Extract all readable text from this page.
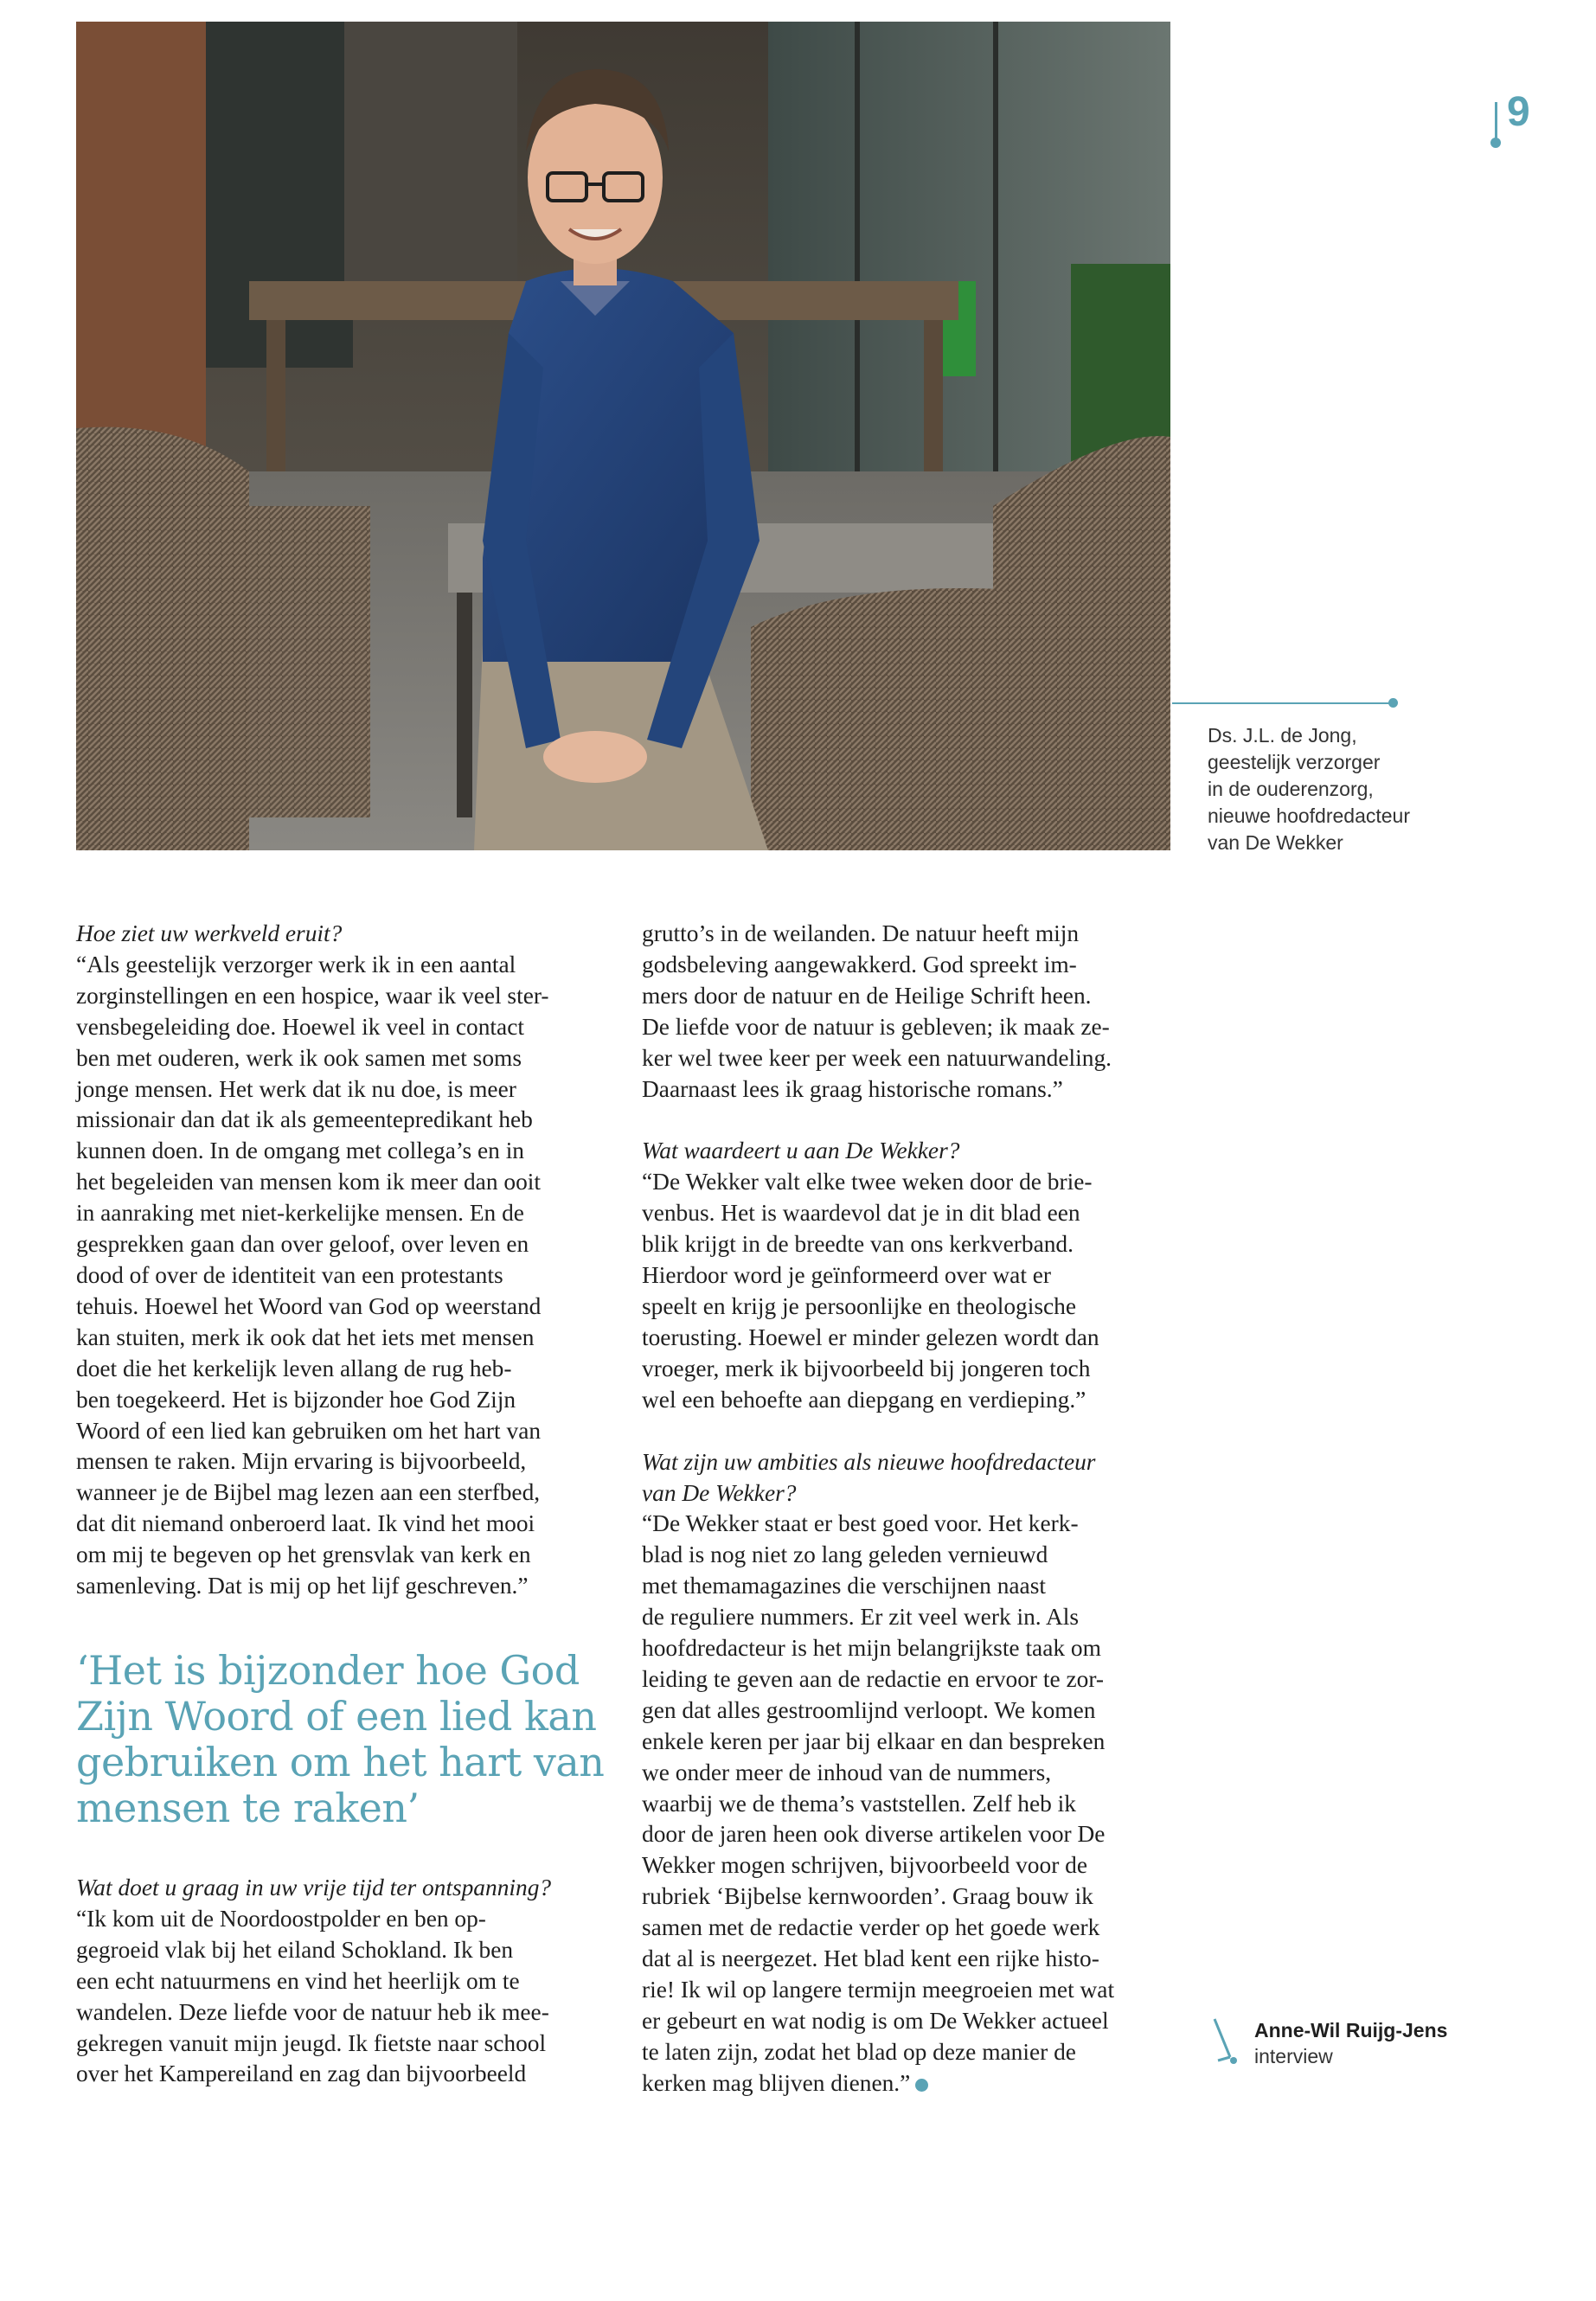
9
Ds. J.L. de Jong,
geestelijk verzorger
in de ouderenzorg,
nieuwe hoofdredacteur
van De Wekker
Hoe ziet uw werkveld eruit?
“Als geestelijk verzorger werk ik in een aantal
zorginstellingen en een hospice, waar ik veel ster-
vensbegeleiding doe. Hoewel ik veel in contact
ben met ouderen, werk ik ook samen met soms
jonge mensen. Het werk dat ik nu doe, is meer
missionair dan dat ik als gemeentepredikant heb
kunnen doen. In de omgang met collega’s en in
het begeleiden van mensen kom ik meer dan ooit
in aanraking met niet-kerkelijke mensen. En de
gesprekken gaan dan over geloof, over leven en
dood of over de identiteit van een protestants
tehuis. Hoewel het Woord van God op weerstand
kan stuiten, merk ik ook dat het iets met mensen
doet die het kerkelijk leven allang de rug heb-
ben toegekeerd. Het is bijzonder hoe God Zijn
Woord of een lied kan gebruiken om het hart van
mensen te raken. Mijn ervaring is bijvoorbeeld,
wanneer je de Bijbel mag lezen aan een sterfbed,
dat dit niemand onberoerd laat. Ik vind het mooi
om mij te begeven op het grensvlak van kerk en
samenleving. Dat is mij op het lijf geschreven.”
‘Het is bijzonder hoe God
Zijn Woord of een lied kan
gebruiken om het hart van
mensen te raken’
Wat doet u graag in uw vrije tijd ter ontspanning?
“Ik kom uit de Noordoostpolder en ben op-
gegroeid vlak bij het eiland Schokland. Ik ben
een echt natuurmens en vind het heerlijk om te
wandelen. Deze liefde voor de natuur heb ik mee-
gekregen vanuit mijn jeugd. Ik fietste naar school
over het Kampereiland en zag dan bijvoorbeeld
grutto’s in de weilanden. De natuur heeft mijn
godsbeleving aangewakkerd. God spreekt im-
mers door de natuur en de Heilige Schrift heen.
De liefde voor de natuur is gebleven; ik maak ze-
ker wel twee keer per week een natuurwandeling.
Daarnaast lees ik graag historische romans.”
Wat waardeert u aan De Wekker?
“De Wekker valt elke twee weken door de brie-
venbus. Het is waardevol dat je in dit blad een
blik krijgt in de breedte van ons kerkverband.
Hierdoor word je geïnformeerd over wat er
speelt en krijg je persoonlijke en theologische
toerusting. Hoewel er minder gelezen wordt dan
vroeger, merk ik bijvoorbeeld bij jongeren toch
wel een behoefte aan diepgang en verdieping.”
Wat zijn uw ambities als nieuwe hoofdredacteur
van De Wekker?
“De Wekker staat er best goed voor. Het kerk-
blad is nog niet zo lang geleden vernieuwd
met themamagazines die verschijnen naast
de reguliere nummers. Er zit veel werk in. Als
hoofdredacteur is het mijn belangrijkste taak om
leiding te geven aan de redactie en ervoor te zor-
gen dat alles gestroomlijnd verloopt. We komen
enkele keren per jaar bij elkaar en dan bespreken
we onder meer de inhoud van de nummers,
waarbij we de thema’s vaststellen. Zelf heb ik
door de jaren heen ook diverse artikelen voor De
Wekker mogen schrijven, bijvoorbeeld voor de
rubriek ‘Bijbelse kernwoorden’. Graag bouw ik
samen met de redactie verder op het goede werk
dat al is neergezet. Het blad kent een rijke histo-
rie! Ik wil op langere termijn meegroeien met wat
er gebeurt en wat nodig is om De Wekker actueel
te laten zijn, zodat het blad op deze manier de
kerken mag blijven dienen.”
Anne-Wil Ruijg-Jens
interview
